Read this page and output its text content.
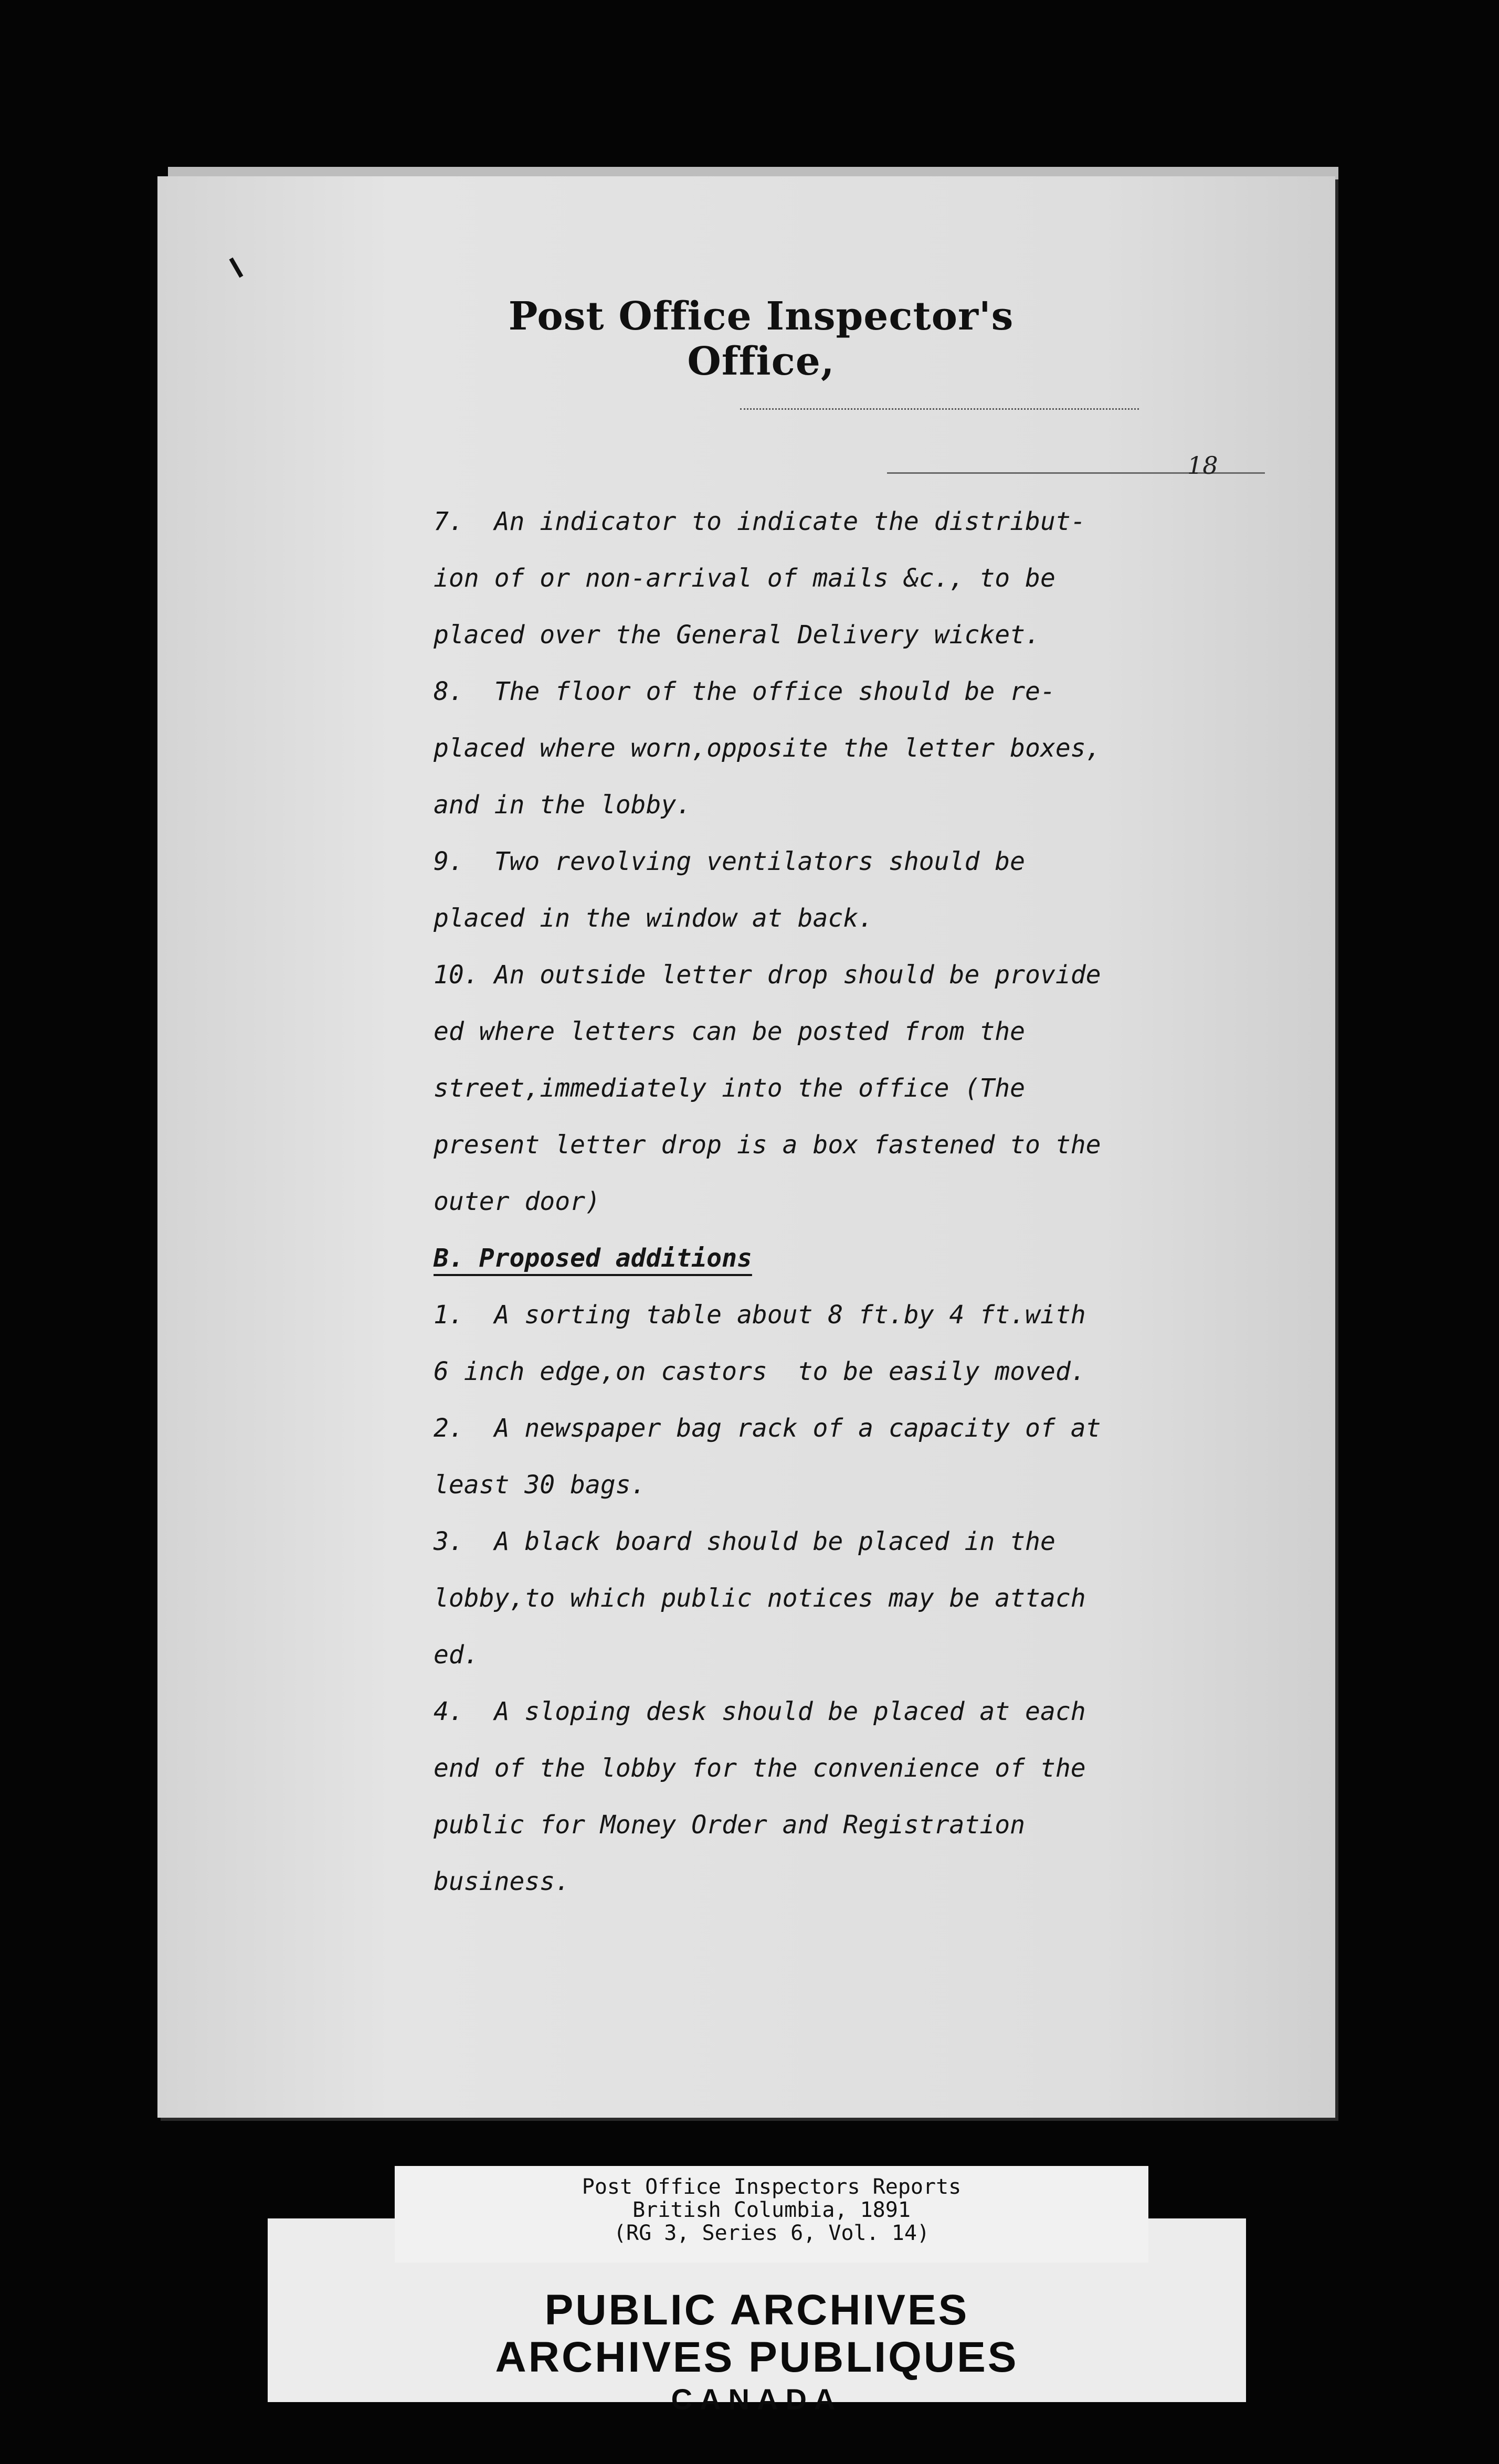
Post Office Inspector's Office,
18
7.  An indicator to indicate the distribut-
ion of or non-arrival of mails &c., to be
placed over the General Delivery wicket.
8.  The floor of the office should be re-
placed where worn,opposite the letter boxes,
and in the lobby.
9.  Two revolving ventilators should be
placed in the window at back.
10. An outside letter drop should be provide
ed where letters can be posted from the
street,immediately into the office (The
present letter drop is a box fastened to the
outer door)
B. Proposed additions
1.  A sorting table about 8 ft.by 4 ft.with
6 inch edge,on castors  to be easily moved.
2.  A newspaper bag rack of a capacity of at
least 30 bags.
3.  A black board should be placed in the
lobby,to which public notices may be attach
ed.
4.  A sloping desk should be placed at each
end of the lobby for the convenience of the
public for Money Order and Registration
business.
PUBLIC ARCHIVES
ARCHIVES PUBLIQUES
CANADA
Post Office Inspectors Reports
British Columbia, 1891
(RG 3, Series 6, Vol. 14)
